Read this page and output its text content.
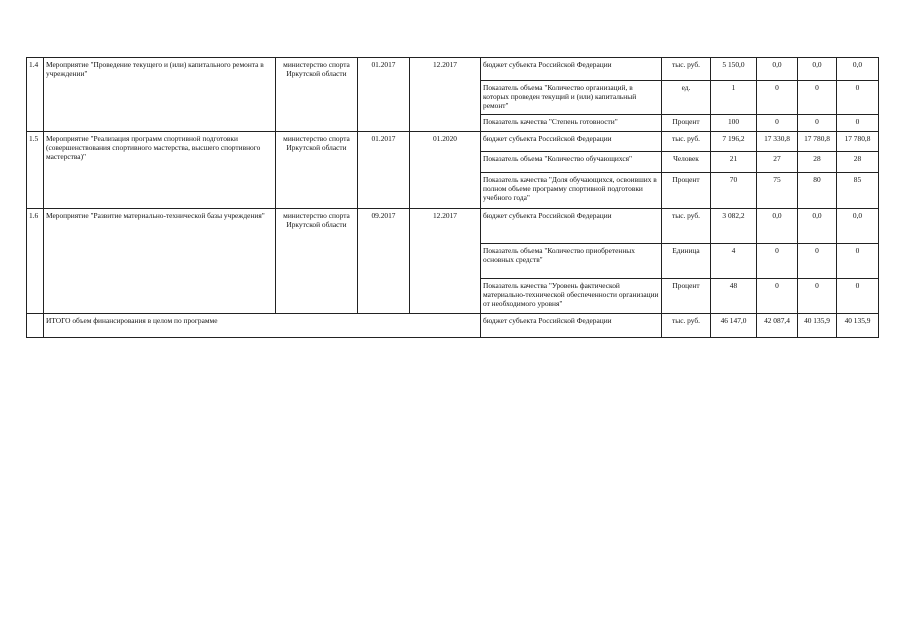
1.4	Мероприятие "Проведение текущего и (или) капитального ремонта в учреждении"	министерство спорта Иркутской области	01.2017	12.2017	бюджет субъекта Российской Федерации	тыс. руб.	5 150,0	0,0	0,0	0,0
					Показатель объема "Количество организаций, в которых проведен текущий и (или) капитальный ремонт"	ед.	1	0	0	0
					Показатель качества "Степень готовности"	Процент	100	0	0	0
1.5	Мероприятие "Реализация программ спортивной подготовки (совершенствования спортивного мастерства, высшего спортивного мастерства)"	министерство спорта Иркутской области	01.2017	01.2020	бюджет субъекта Российской Федерации	тыс. руб.	7 196,2	17 330,8	17 780,8	17 780,8
					Показатель объема "Количество обучающихся"	Человек	21	27	28	28
					Показатель качества "Доля обучающихся, освоивших в полном объеме программу спортивной подготовки учебного года"	Процент	70	75	80	85
1.6	Мероприятие "Развитие материально-технической базы учреждения"	министерство спорта Иркутской области	09.2017	12.2017	бюджет субъекта Российской Федерации	тыс. руб.	3 082,2	0,0	0,0	0,0
					Показатель объема "Количество приобретенных основных средств"	Единица	4	0	0	0
					Показатель качества "Уровень фактической материально-технической обеспеченности организации от необходимого уровня"	Процент	48	0	0	0
	ИТОГО объем финансирования в целом по программе				бюджет субъекта Российской Федерации	тыс. руб.	46 147,0	42 087,4	40 135,9	40 135,9
